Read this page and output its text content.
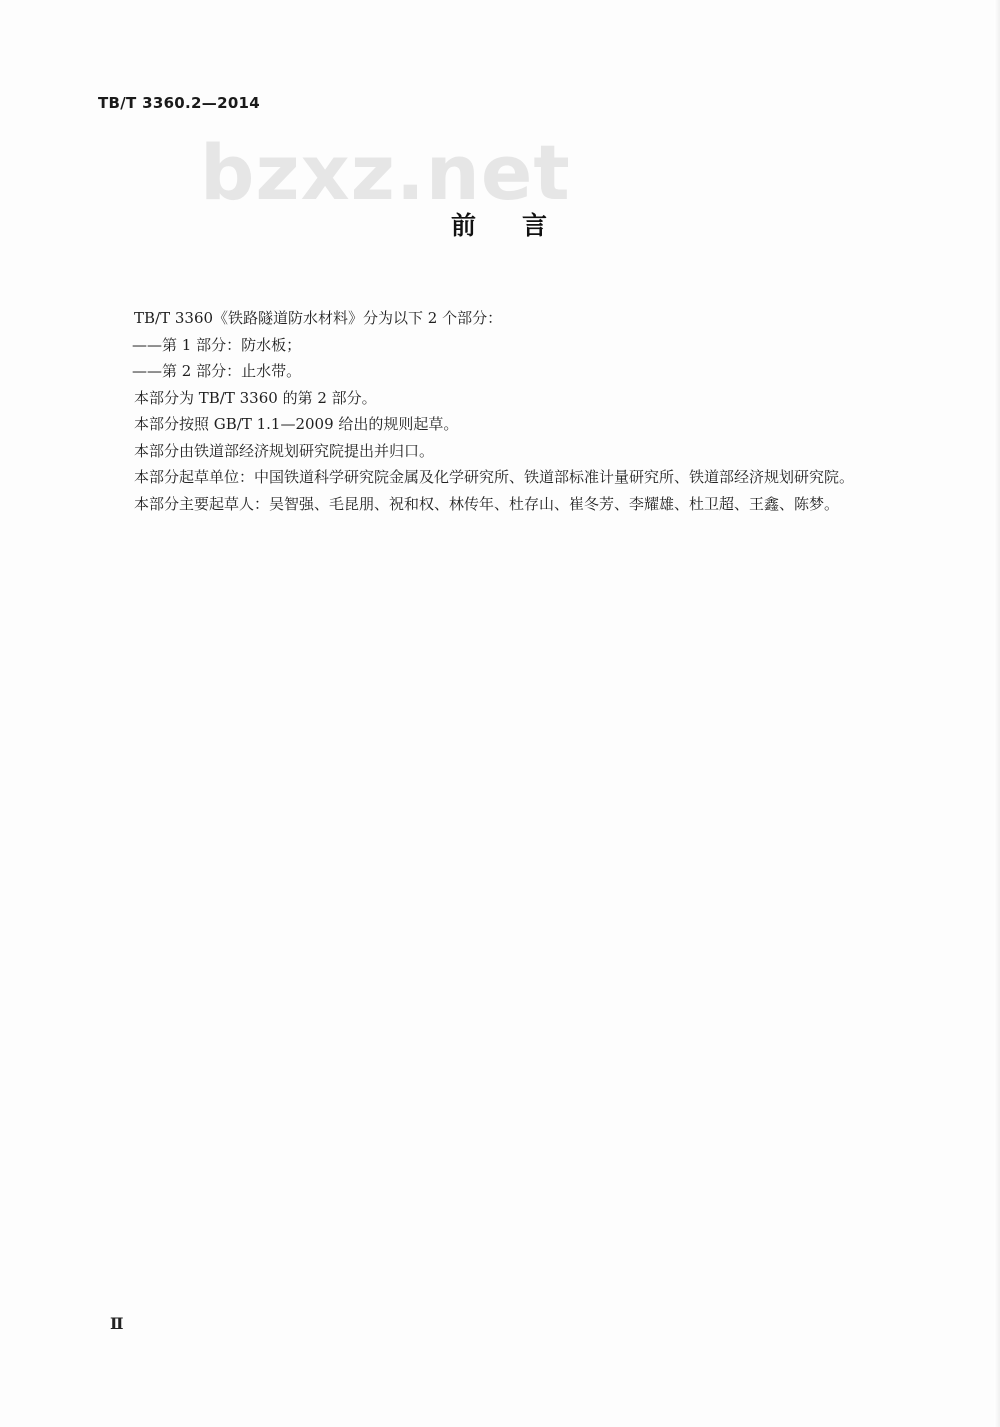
TB/T 3360.2—2014
bzxz.net
前 言

TB/T 3360《铁路隧道防水材料》分为以下 2 个部分：

——第 1 部分：防水板；

——第 2 部分：止水带。

本部分为 TB/T 3360 的第 2 部分。

本部分按照 GB/T 1.1—2009 给出的规则起草。

本部分由铁道部经济规划研究院提出并归口。

本部分起草单位：中国铁道科学研究院金属及化学研究所、铁道部标准计量研究所、铁道部经济规划研究院。

本部分主要起草人：吴智强、毛昆朋、祝和权、林传年、杜存山、崔冬芳、李耀雄、杜卫超、王鑫、陈梦。

Ⅱ
